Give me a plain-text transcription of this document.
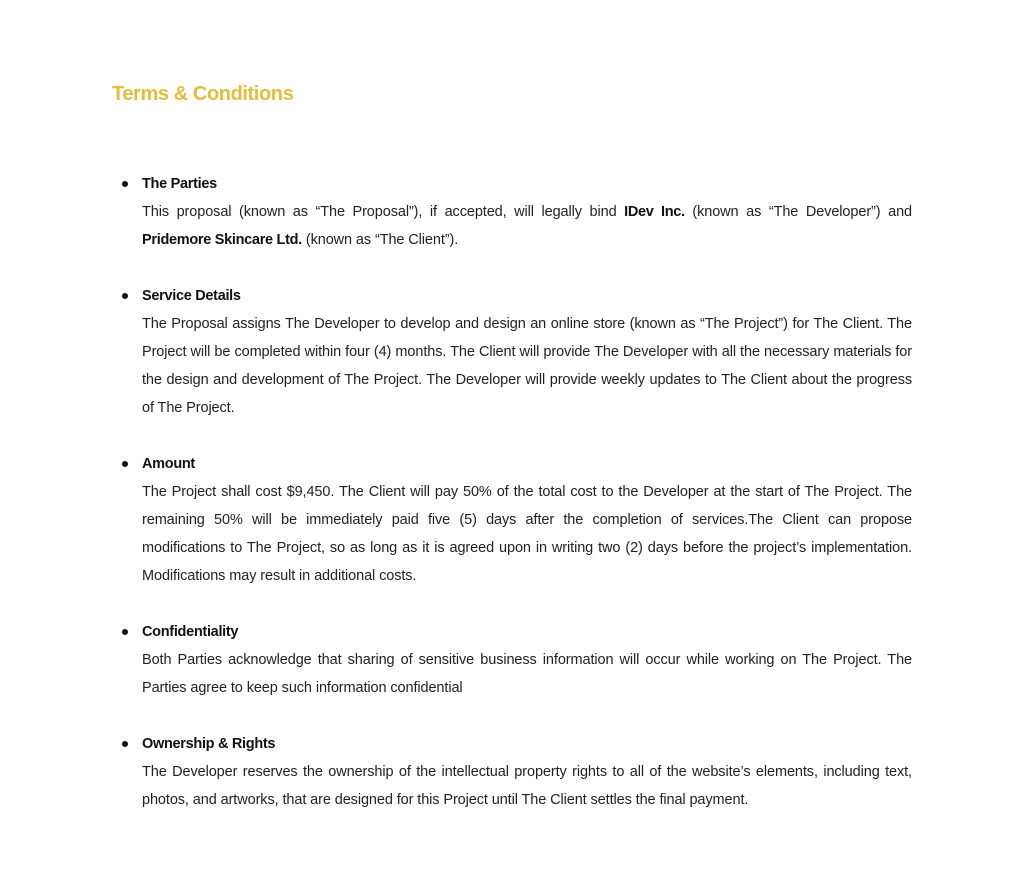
Terms & Conditions
The Parties
This proposal (known as “The Proposal”), if accepted, will legally bind IDev Inc. (known as “The Developer”) and Pridemore Skincare Ltd. (known as “The Client”).
Service Details
The Proposal assigns The Developer to develop and design an online store (known as “The Project”) for The Client. The Project will be completed within four (4) months. The Client will provide The Developer with all the necessary materials for the design and development of The Project. The Developer will provide weekly updates to The Client about the progress of The Project.
Amount
The Project shall cost $9,450. The Client will pay 50% of the total cost to the Developer at the start of The Project. The remaining 50% will be immediately paid five (5) days after the completion of services.The Client can propose modifications to The Project, so as long as it is agreed upon in writing two (2) days before the project’s implementation. Modifications may result in additional costs.
Confidentiality
Both Parties acknowledge that sharing of sensitive business information will occur while working on The Project. The Parties agree to keep such information confidential
Ownership & Rights
The Developer reserves the ownership of the intellectual property rights to all of the website’s elements, including text, photos, and artworks, that are designed for this Project until The Client settles the final payment.
